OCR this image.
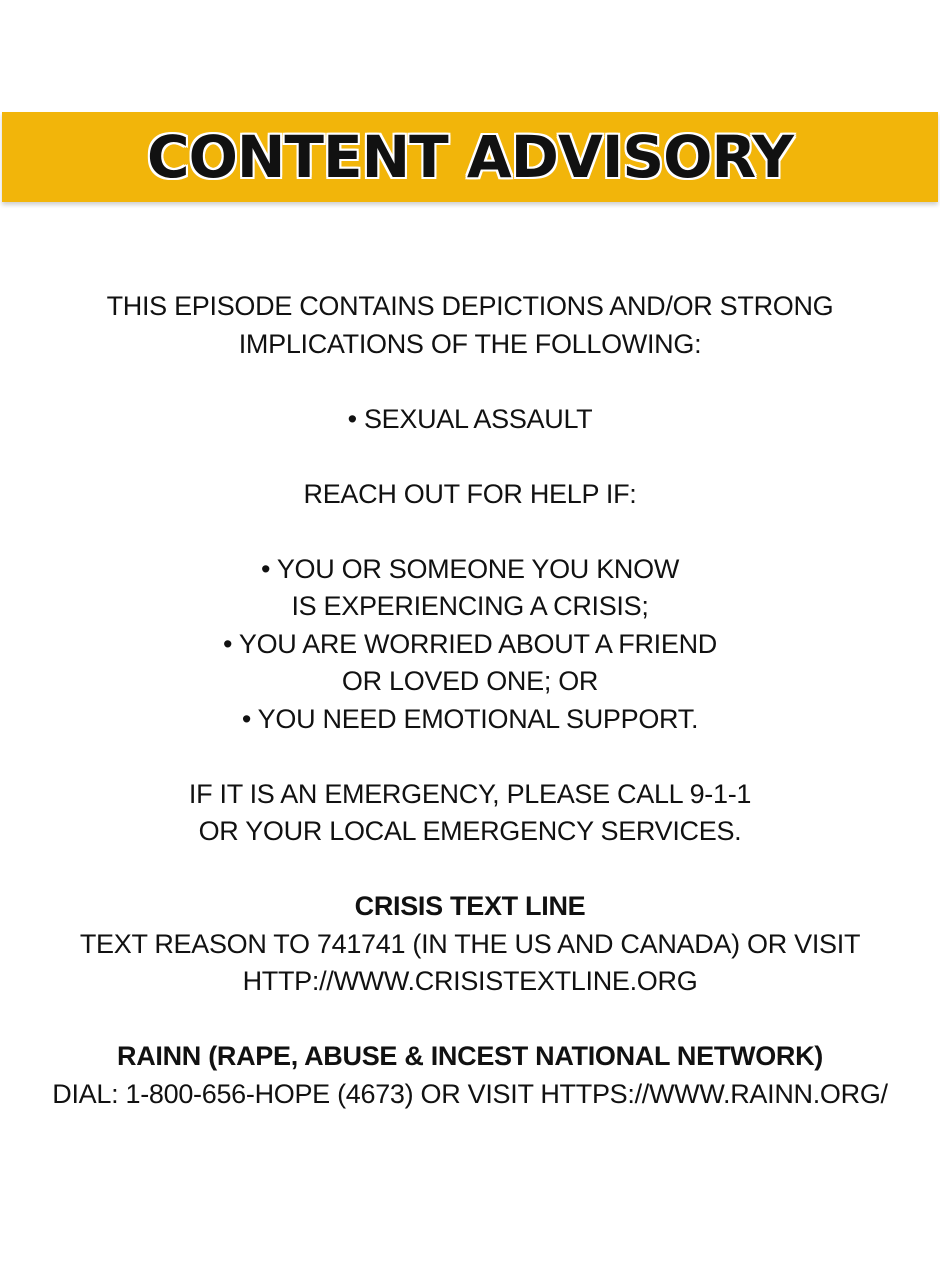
CONTENT ADVISORY
THIS EPISODE CONTAINS DEPICTIONS AND/OR STRONG
IMPLICATIONS OF THE FOLLOWING:
• SEXUAL ASSAULT
REACH OUT FOR HELP IF:
• YOU OR SOMEONE YOU KNOW
IS EXPERIENCING A CRISIS;
• YOU ARE WORRIED ABOUT A FRIEND
OR LOVED ONE; OR
• YOU NEED EMOTIONAL SUPPORT.
IF IT IS AN EMERGENCY, PLEASE CALL 9-1-1
OR YOUR LOCAL EMERGENCY SERVICES.
CRISIS TEXT LINE
TEXT REASON TO 741741 (IN THE US AND CANADA) OR VISIT
HTTP://WWW.CRISISTEXTLINE.ORG
RAINN (RAPE, ABUSE & INCEST NATIONAL NETWORK)
DIAL: 1-800-656-HOPE (4673) OR VISIT HTTPS://WWW.RAINN.ORG/
